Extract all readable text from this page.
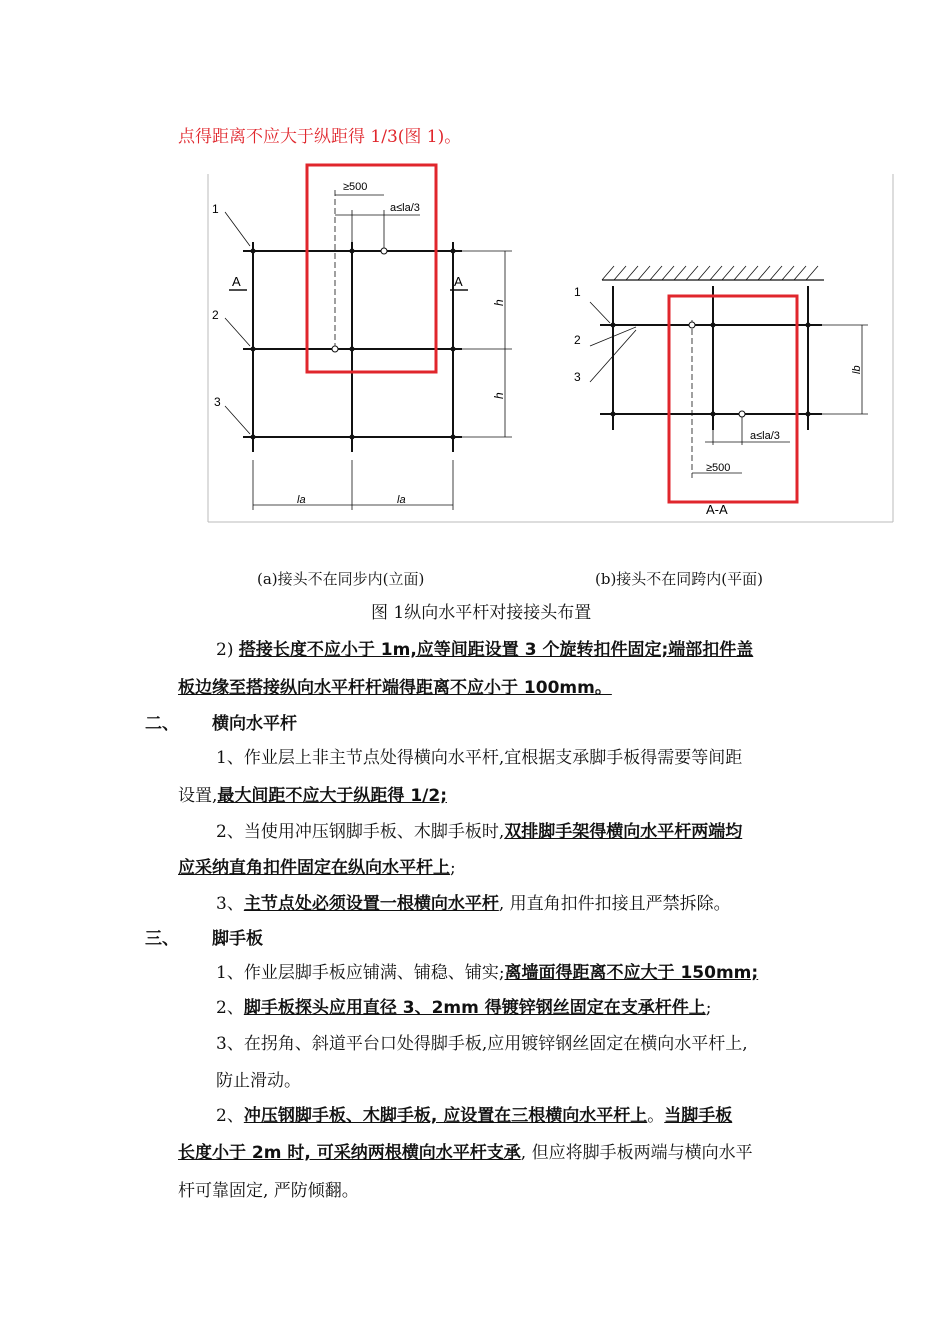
点得距离不应大于纵距得 1/3(图 1)。
≥500
a≤la/3
1
2
3
A	A
h
h
la	la
1
2
3
lb
a≤la/3
≥500
A-A
(a)接头不在同步内(立面)	(b)接头不在同跨内(平面)
图 1纵向水平杆对接接头布置
2) 搭接长度不应小于 1m,应等间距设置 3 个旋转扣件固定;端部扣件盖
板边缘至搭接纵向水平杆杆端得距离不应小于 100mm。
二、 横向水平杆
1、作业层上非主节点处得横向水平杆,宜根据支承脚手板得需要等间距
设置,最大间距不应大于纵距得 1/2;
2、当使用冲压钢脚手板、木脚手板时,双排脚手架得横向水平杆两端均
应采纳直角扣件固定在纵向水平杆上;
3、主节点处必须设置一根横向水平杆, 用直角扣件扣接且严禁拆除。
三、 脚手板
1、作业层脚手板应铺满、铺稳、铺实;离墙面得距离不应大于 150mm;
2、脚手板探头应用直径 3、2mm 得镀锌钢丝固定在支承杆件上;
3、在拐角、斜道平台口处得脚手板,应用镀锌钢丝固定在横向水平杆上,
防止滑动。
2、冲压钢脚手板、木脚手板, 应设置在三根横向水平杆上。当脚手板
长度小于 2m 时, 可采纳两根横向水平杆支承, 但应将脚手板两端与横向水平
杆可靠固定, 严防倾翻。
